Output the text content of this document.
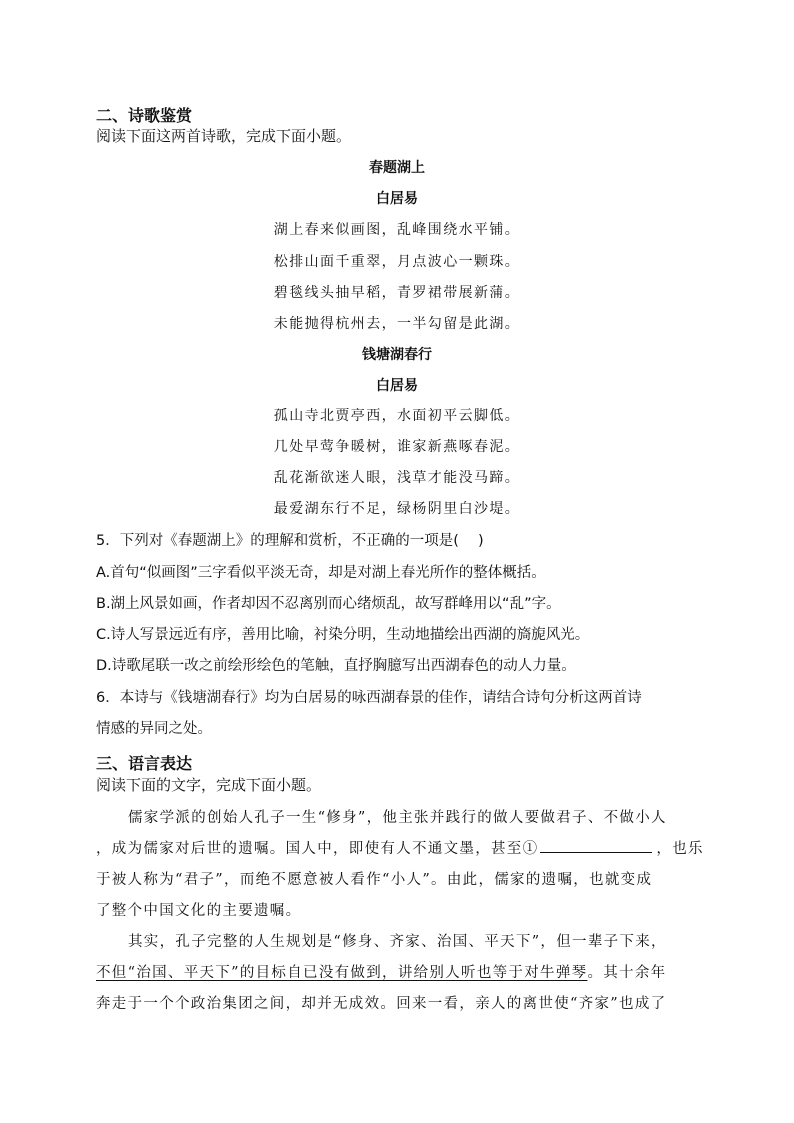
二、诗歌鉴赏
阅读下面这两首诗歌，完成下面小题。
春题湖上
白居易
湖上春来似画图，乱峰围绕水平铺。
松排山面千重翠，月点波心一颗珠。
碧毯线头抽早稻，青罗裙带展新蒲。
未能抛得杭州去，一半勾留是此湖。
钱塘湖春行
白居易
孤山寺北贾亭西，水面初平云脚低。
几处早莺争暖树，谁家新燕啄春泥。
乱花渐欲迷人眼，浅草才能没马蹄。
最爱湖东行不足，绿杨阴里白沙堤。
5．下列对《春题湖上》的理解和赏析，不正确的一项是(　 )
A.首句“似画图”三字看似平淡无奇，却是对湖上春光所作的整体概括。
B.湖上风景如画，作者却因不忍离别而心绪烦乱，故写群峰用以“乱”字。
C.诗人写景远近有序，善用比喻，衬染分明，生动地描绘出西湖的旖旎风光。
D.诗歌尾联一改之前绘形绘色的笔触，直抒胸臆写出西湖春色的动人力量。
6．本诗与《钱塘湖春行》均为白居易的咏西湖春景的佳作，请结合诗句分析这两首诗
情感的异同之处。
三、语言表达
阅读下面的文字，完成下面小题。
儒家学派的创始人孔子一生“修身”，他主张并践行的做人要做君子、不做小人
，成为儒家对后世的遗嘱。国人中，即使有人不通文墨，甚至①	，也乐
于被人称为“君子”，而绝不愿意被人看作“小人”。由此，儒家的遗嘱，也就变成
了整个中国文化的主要遗嘱。
其实，孔子完整的人生规划是“修身、齐家、治国、平天下”，但一辈子下来，
不但“治国、平天下”的目标自已没有做到，讲给别人听也等于对牛弹琴。其十余年
奔走于一个个政治集团之间，却并无成效。回来一看，亲人的离世使“齐家”也成了
